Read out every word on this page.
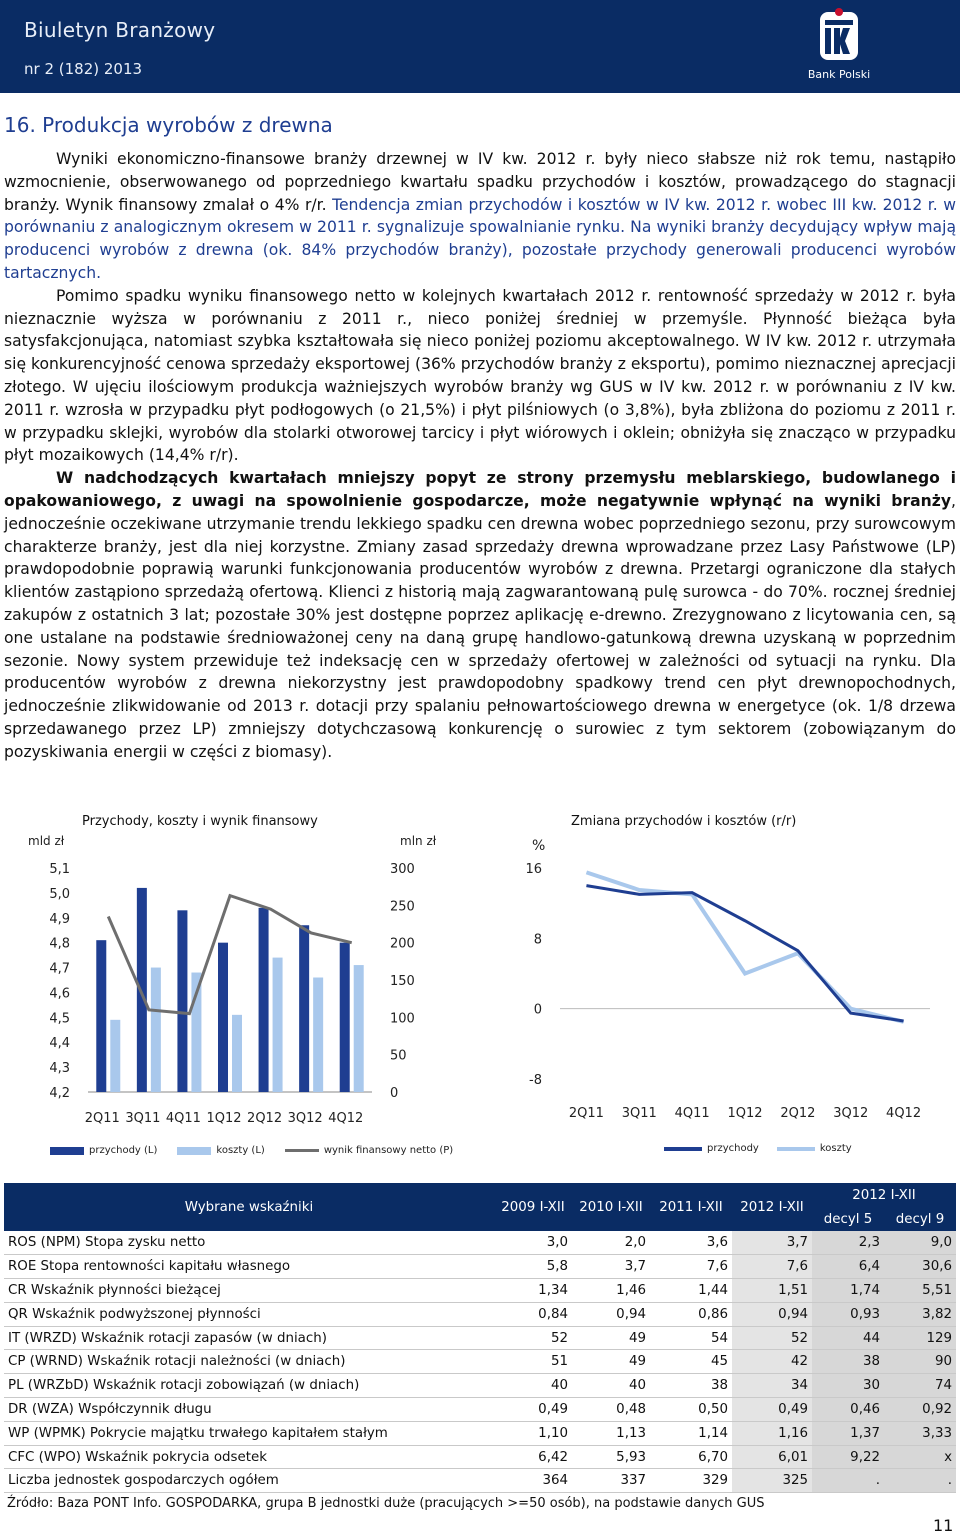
Biuletyn Branżowy
nr 2 (182) 2013	Bank Polski
16. Produkcja wyrobów z drewna

Wyniki ekonomiczno-finansowe branży drzewnej w IV kw. 2012 r. były nieco słabsze niż rok temu, nastąpiło wzmocnienie, obserwowanego od poprzedniego kwartału spadku przychodów i kosztów, prowadzącego do stagnacji branży. Wynik finansowy zmalał o 4% r/r. Tendencja zmian przychodów i kosztów w IV kw. 2012 r. wobec III kw. 2012 r. w porównaniu z analogicznym okresem w 2011 r. sygnalizuje spowalnianie rynku. Na wyniki branży decydujący wpływ mają producenci wyrobów z drewna (ok. 84% przychodów branży), pozostałe przychody generowali producenci wyrobów tartacznych.

Pomimo spadku wyniku finansowego netto w kolejnych kwartałach 2012 r. rentowność sprzedaży w 2012 r. była nieznacznie wyższa w porównaniu z 2011 r., nieco poniżej średniej w przemyśle. Płynność bieżąca była satysfakcjonująca, natomiast szybka kształtowała się nieco poniżej poziomu akceptowalnego. W IV kw. 2012 r. utrzymała się konkurencyjność cenowa sprzedaży eksportowej (36% przychodów branży z eksportu), pomimo nieznacznej aprecjacji złotego. W ujęciu ilościowym produkcja ważniejszych wyrobów branży wg GUS w IV kw. 2012 r. w porównaniu z IV kw. 2011 r. wzrosła w przypadku płyt podłogowych (o 21,5%) i płyt pilśniowych (o 3,8%), była zbliżona do poziomu z 2011 r. w przypadku sklejki, wyrobów dla stolarki otworowej tarcicy i płyt wiórowych i oklein; obniżyła się znacząco w przypadku płyt mozaikowych (14,4% r/r).

W nadchodzących kwartałach mniejszy popyt ze strony przemysłu meblarskiego, budowlanego i opakowaniowego, z uwagi na spowolnienie gospodarcze, może negatywnie wpłynąć na wyniki branży, jednocześnie oczekiwane utrzymanie trendu lekkiego spadku cen drewna wobec poprzedniego sezonu, przy surowcowym charakterze branży, jest dla niej korzystne. Zmiany zasad sprzedaży drewna wprowadzane przez Lasy Państwowe (LP) prawdopodobnie poprawią warunki funkcjonowania producentów wyrobów z drewna. Przetargi ograniczone dla stałych klientów zastąpiono sprzedażą ofertową. Klienci z historią mają zagwarantowaną pulę surowca - do 70%. rocznej średniej zakupów z ostatnich 3 lat; pozostałe 30% jest dostępne poprzez aplikację e-drewno. Zrezygnowano z licytowania cen, są one ustalane na podstawie średnioważonej ceny na daną grupę handlowo-gatunkową drewna uzyskaną w poprzednim sezonie. Nowy system przewiduje też indeksację cen w sprzedaży ofertowej w zależności od sytuacji na rynku. Dla producentów wyrobów z drewna niekorzystny jest prawdopodobny spadkowy trend cen płyt drewnopochodnych, jednocześnie zlikwidowanie od 2013 r. dotacji przy spalaniu pełnowartościowego drewna w energetyce (ok. 1/8 drzewa sprzedawanego przez LP) zmniejszy dotychczasową konkurencję o surowiec z tym sektorem (zobowiązanym do pozyskiwania energii w części z biomasy).

Przychody, koszty i wynik finansowy
mld zł	mln zł
5,1
5,0
4,9
4,8
4,7
4,6
4,5
4,4
4,3
4,2
300
250
200
150
100
50
0
2Q11 3Q11 4Q11 1Q12 2Q12 3Q12 4Q12
przychody (L)	koszty (L)	wynik finansowy netto (P)
Zmiana przychodów i kosztów (r/r)
%
16
8
0
-8
2Q11 3Q11 4Q11 1Q12 2Q12 3Q12 4Q12
przychody	koszty
Wybrane wskaźniki	2009 I-XII	2010 I-XII	2011 I-XII	2012 I-XII	2012 I-XII	
					decyl 5	decyl 9
ROS (NPM) Stopa zysku netto	3,0	2,0	3,6	3,7	2,3	9,0
ROE Stopa rentowności kapitału własnego	5,8	3,7	7,6	7,6	6,4	30,6
CR Wskaźnik płynności bieżącej	1,34	1,46	1,44	1,51	1,74	5,51
QR Wskaźnik podwyższonej płynności	0,84	0,94	0,86	0,94	0,93	3,82
IT (WRZD) Wskaźnik rotacji zapasów (w dniach)	52	49	54	52	44	129
CP (WRND) Wskaźnik rotacji należności (w dniach)	51	49	45	42	38	90
PL (WRZbD) Wskaźnik rotacji zobowiązań (w dniach)	40	40	38	34	30	74
DR (WZA) Współczynnik długu	0,49	0,48	0,50	0,49	0,46	0,92
WP (WPMK) Pokrycie majątku trwałego kapitałem stałym	1,10	1,13	1,14	1,16	1,37	3,33
CFC (WPO) Wskaźnik pokrycia odsetek	6,42	5,93	6,70	6,01	9,22	x
Liczba jednostek gospodarczych ogółem	364	337	329	325	.	.
Źródło: Baza PONT Info. GOSPODARKA, grupa B jednostki duże (pracujących >=50 osób), na podstawie danych GUS
11
